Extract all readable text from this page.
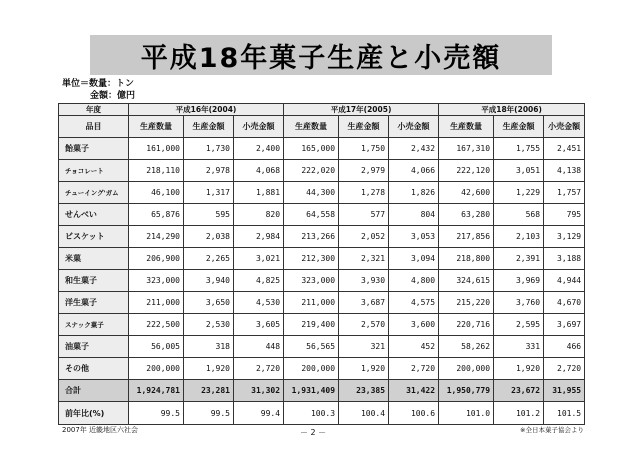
平成18年菓子生産と小売額
単位＝数量：トン
金額：億円
年度	平成16年(2004)			平成17年(2005)			平成18年(2006)		
品目	生産数量	生産金額	小売金額	生産数量	生産金額	小売金額	生産数量	生産金額	小売金額
飴菓子	161,000	1,730	2,400	165,000	1,750	2,432	167,310	1,755	2,451
チョコレート	218,110	2,978	4,068	222,020	2,979	4,066	222,120	3,051	4,138
チューイング'ガム	46,100	1,317	1,881	44,300	1,278	1,826	42,600	1,229	1,757
せんべい	65,876	595	820	64,558	577	804	63,280	568	795
ビスケット	214,290	2,038	2,984	213,266	2,052	3,053	217,856	2,103	3,129
米菓	206,900	2,265	3,021	212,300	2,321	3,094	218,800	2,391	3,188
和生菓子	323,000	3,940	4,825	323,000	3,930	4,800	324,615	3,969	4,944
洋生菓子	211,000	3,650	4,530	211,000	3,687	4,575	215,220	3,760	4,670
スナック菓子	222,500	2,530	3,605	219,400	2,570	3,600	220,716	2,595	3,697
油菓子	56,005	318	448	56,565	321	452	58,262	331	466
その他	200,000	1,920	2,720	200,000	1,920	2,720	200,000	1,920	2,720
合計	1,924,781	23,281	31,302	1,931,409	23,385	31,422	1,950,779	23,672	31,955
前年比(%)	99.5	99.5	99.4	100.3	100.4	100.6	101.0	101.2	101.5
2007年 近畿地区六社会	－ 2 －	※全日本菓子協会より
